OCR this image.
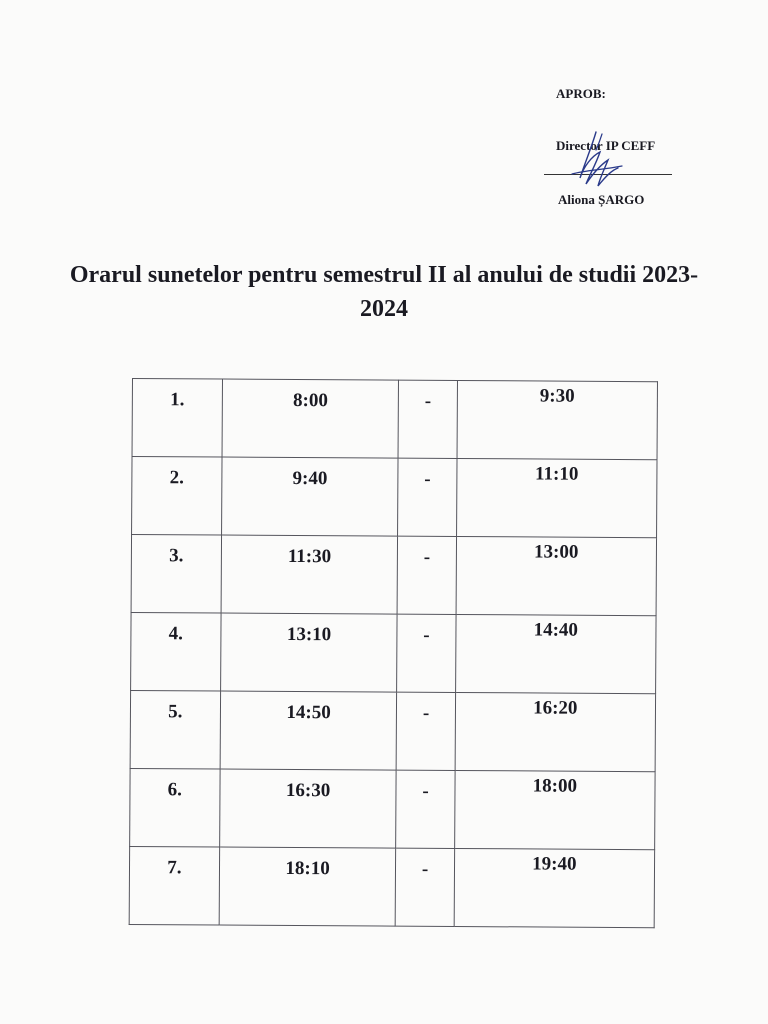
APROB:
Director IP CEFF
Aliona ȘARGO
Orarul sunetelor pentru semestrul II al anului de studii 2023-2024
1.	8:00	-	9:30
2.	9:40	-	11:10
3.	11:30	-	13:00
4.	13:10	-	14:40
5.	14:50	-	16:20
6.	16:30	-	18:00
7.	18:10	-	19:40
